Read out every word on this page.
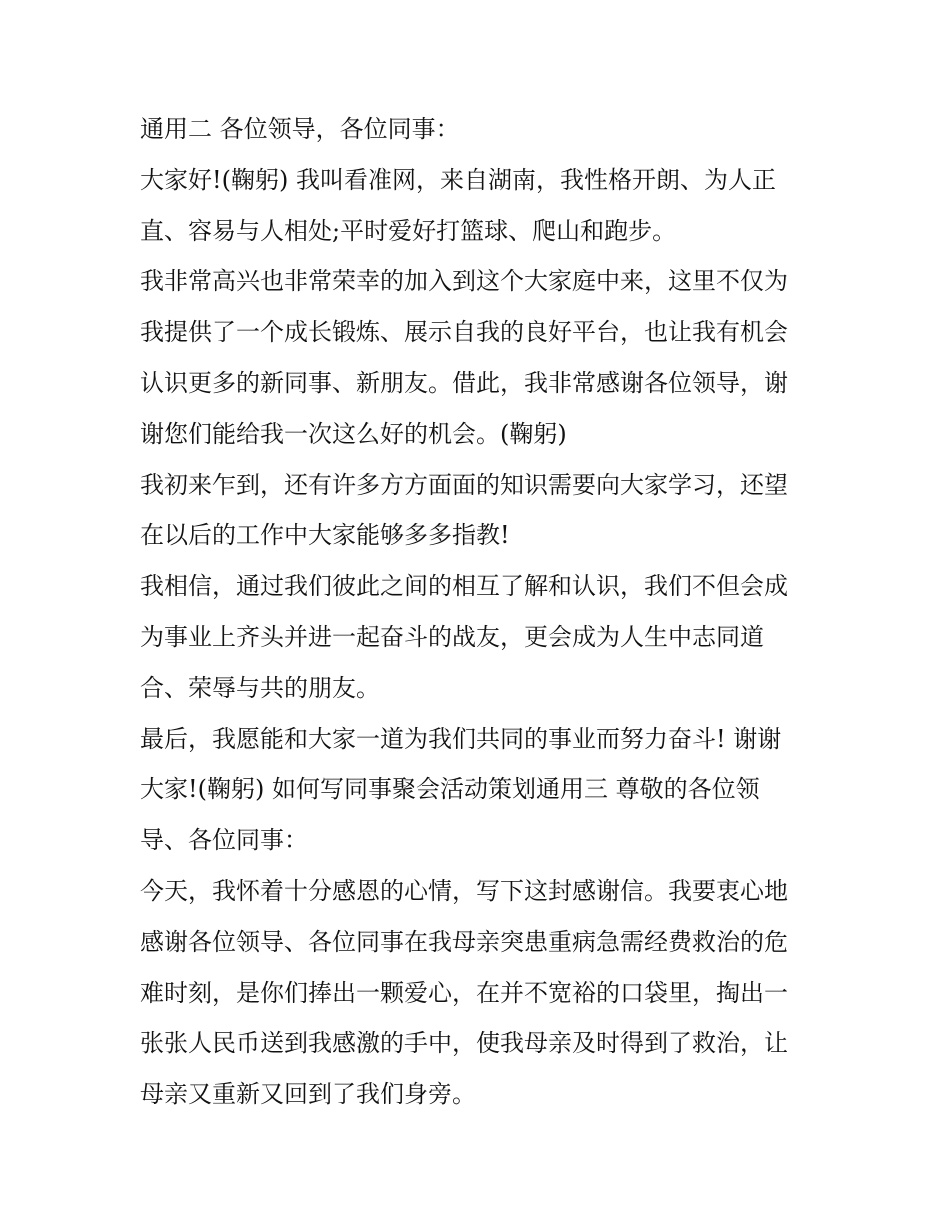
通用二 各位领导，各位同事：
大家好!(鞠躬) 我叫看准网，来自湖南，我性格开朗、为人正
直、容易与人相处;平时爱好打篮球、爬山和跑步。
我非常高兴也非常荣幸的加入到这个大家庭中来，这里不仅为
我提供了一个成长锻炼、展示自我的良好平台，也让我有机会
认识更多的新同事、新朋友。借此，我非常感谢各位领导，谢
谢您们能给我一次这么好的机会。(鞠躬)
我初来乍到，还有许多方方面面的知识需要向大家学习，还望
在以后的工作中大家能够多多指教!
我相信，通过我们彼此之间的相互了解和认识，我们不但会成
为事业上齐头并进一起奋斗的战友，更会成为人生中志同道
合、荣辱与共的朋友。
最后，我愿能和大家一道为我们共同的事业而努力奋斗! 谢谢
大家!(鞠躬) 如何写同事聚会活动策划通用三 尊敬的各位领
导、各位同事：
今天，我怀着十分感恩的心情，写下这封感谢信。我要衷心地
感谢各位领导、各位同事在我母亲突患重病急需经费救治的危
难时刻，是你们捧出一颗爱心，在并不宽裕的口袋里，掏出一
张张人民币送到我感激的手中，使我母亲及时得到了救治，让
母亲又重新又回到了我们身旁。
